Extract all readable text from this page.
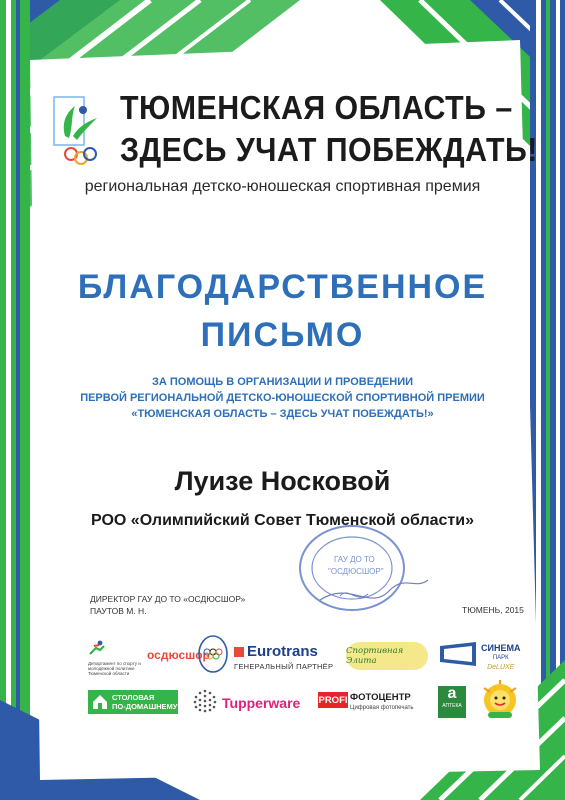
ТЮМЕНСКАЯ ОБЛАСТЬ –
ЗДЕСЬ УЧАТ ПОБЕЖДАТЬ!
региональная детско-юношеская спортивная премия
БЛАГОДАРСТВЕННОЕ
ПИСЬМО
ЗА ПОМОЩЬ В ОРГАНИЗАЦИИ И ПРОВЕДЕНИИ
ПЕРВОЙ РЕГИОНАЛЬНОЙ ДЕТСКО-ЮНОШЕСКОЙ СПОРТИВНОЙ ПРЕМИИ
«ТЮМЕНСКАЯ ОБЛАСТЬ – ЗДЕСЬ УЧАТ ПОБЕЖДАТЬ!»
Луизе Носковой
РОО «Олимпийский Совет Тюменской области»
ГАУ ДО ТО
"ОСДЮСШОР"
ДИРЕКТОР ГАУ ДО ТО «ОСДЮСШОР»
ПАУТОВ М. Н.	ТЮМЕНЬ, 2015
Департамент по спорту и молодёжной политике Тюменской области
осдюсшор Eurotrans
ГЕНЕРАЛЬНЫЙ ПАРТНЁР
Спортивная Элита
СИНЕМА
ПАРК
DeLUXE
СТОЛОВАЯ
ПО-ДОМАШНЕМУ	Tupperware PROFI ФОТОЦЕНТР
Цифровая фотопечать
а
АПТЕКА
